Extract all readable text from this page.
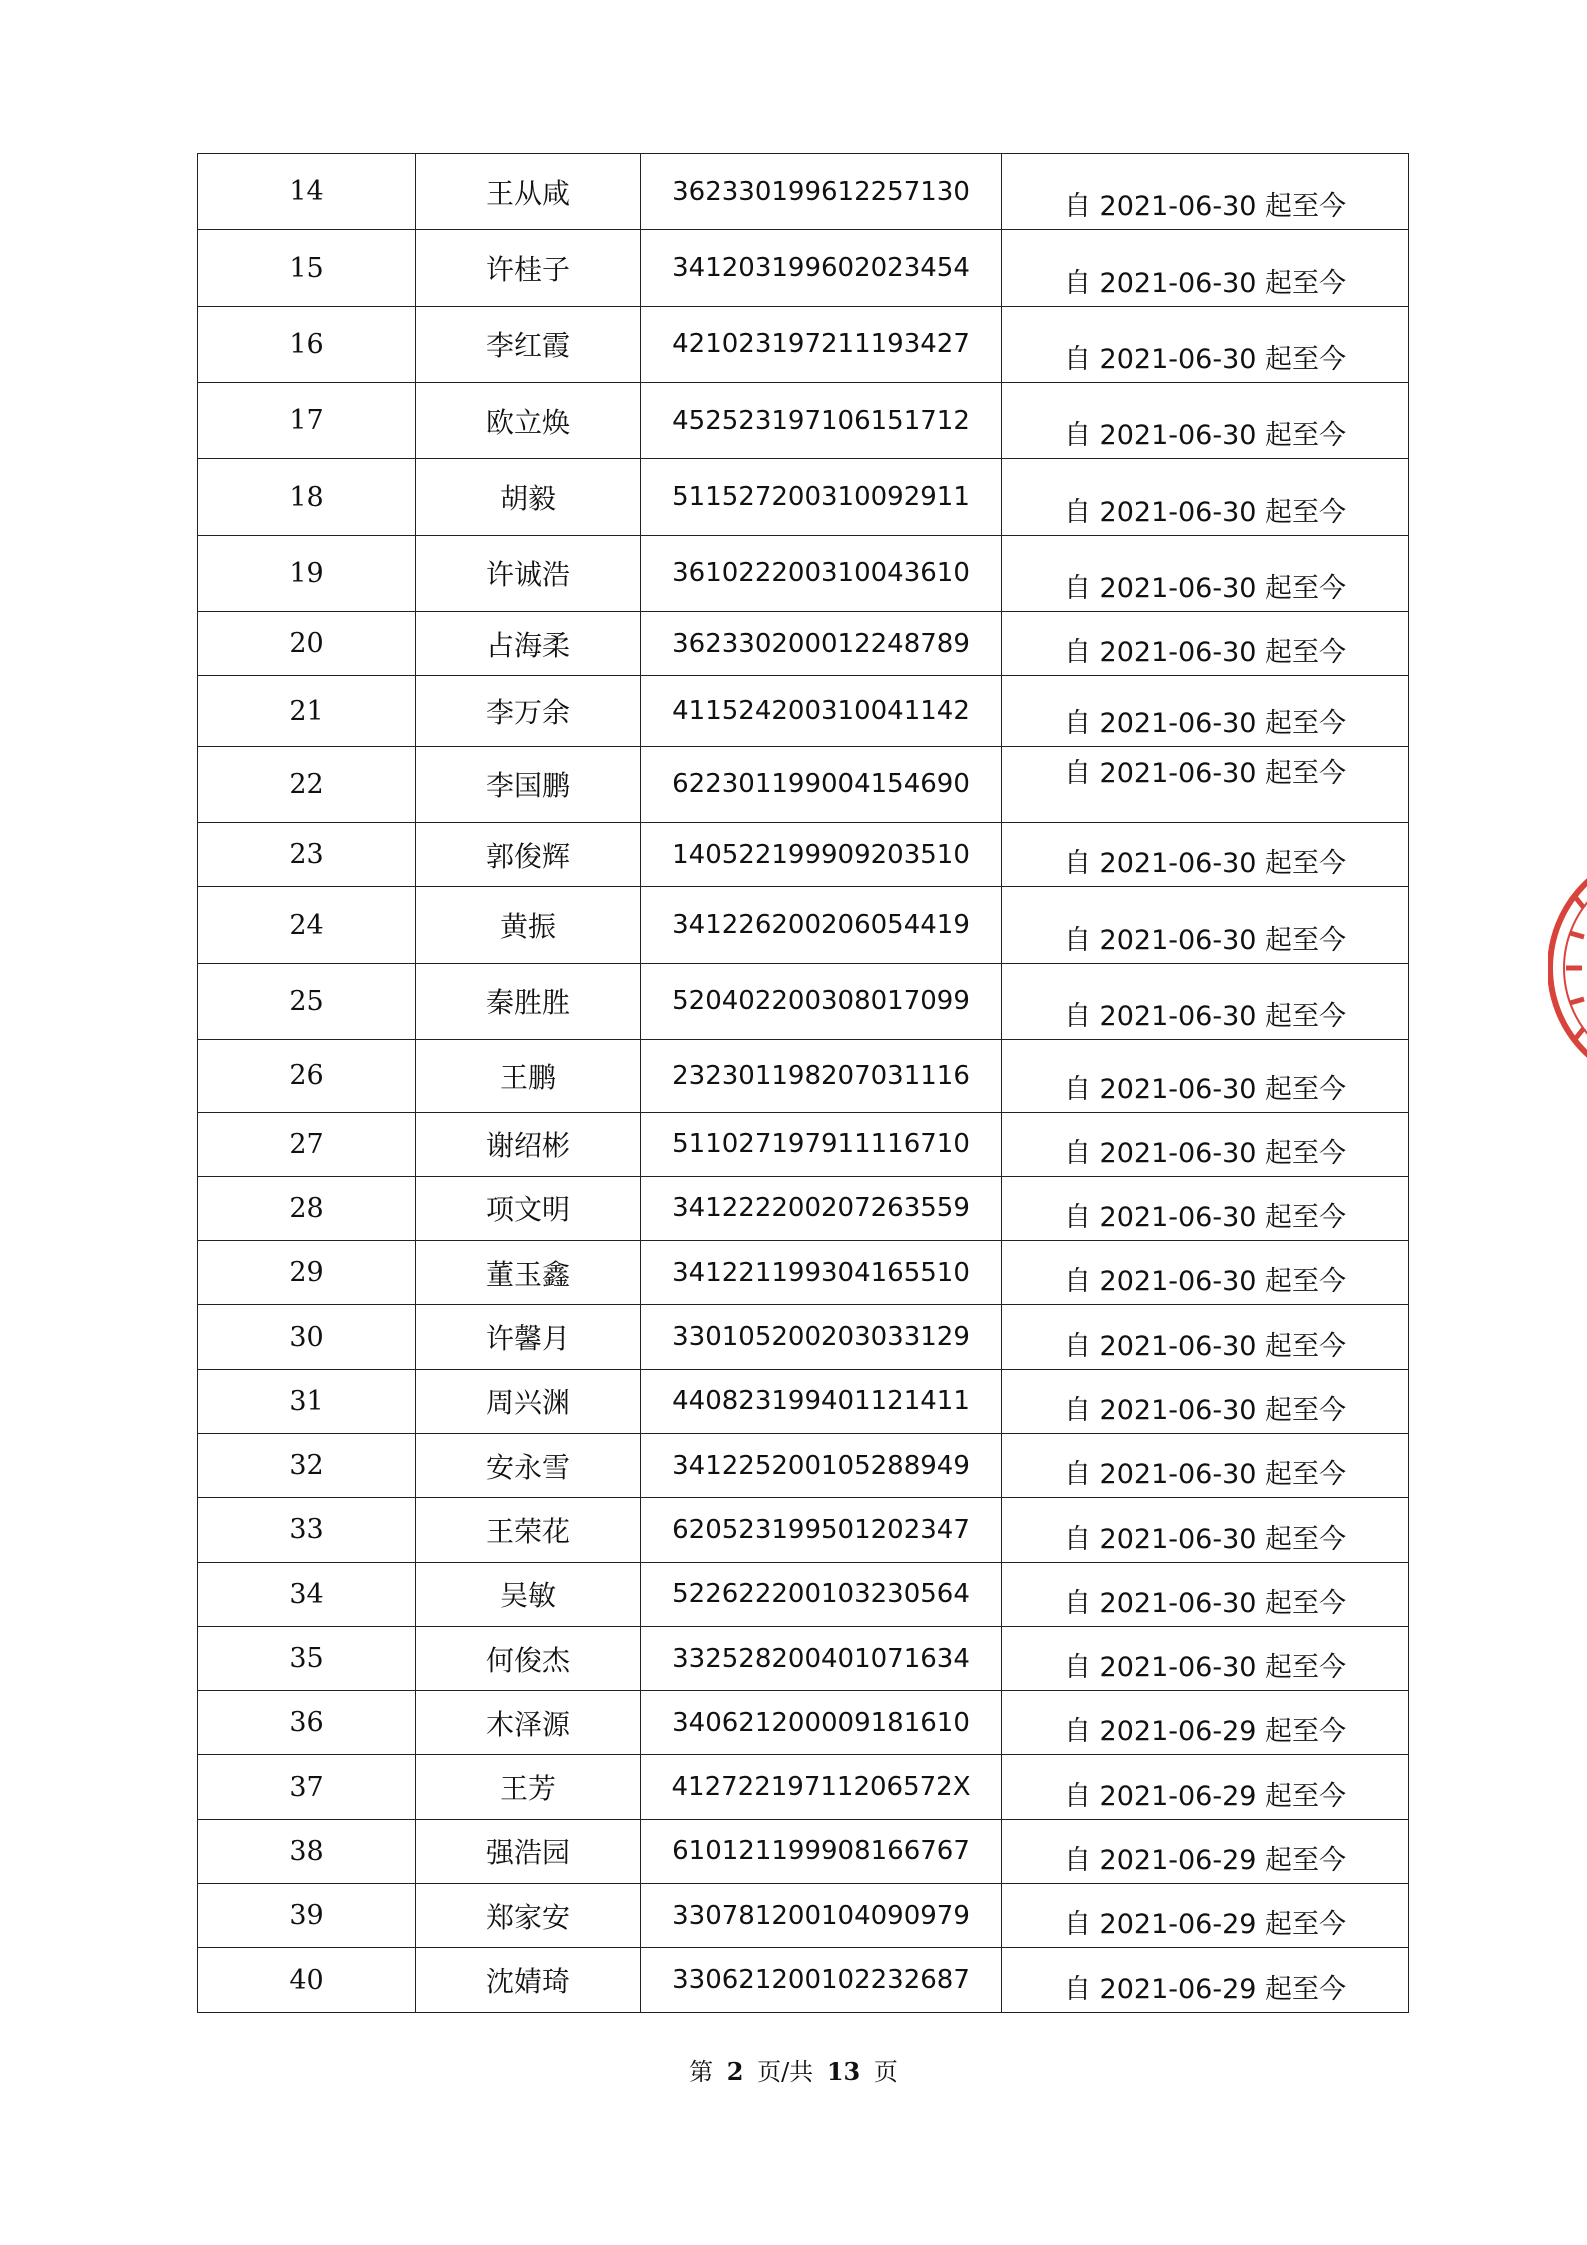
14	王从咸	362330199612257130	自 2021-06-30 起至今
15	许桂子	341203199602023454	自 2021-06-30 起至今
16	李红霞	421023197211193427	自 2021-06-30 起至今
17	欧立焕	452523197106151712	自 2021-06-30 起至今
18	胡毅	511527200310092911	自 2021-06-30 起至今
19	许诚浩	361022200310043610	自 2021-06-30 起至今
20	占海柔	362330200012248789	自 2021-06-30 起至今
21	李万余	411524200310041142	自 2021-06-30 起至今
22	李国鹏	622301199004154690	自 2021-06-30 起至今
23	郭俊辉	140522199909203510	自 2021-06-30 起至今
24	黄振	341226200206054419	自 2021-06-30 起至今
25	秦胜胜	520402200308017099	自 2021-06-30 起至今
26	王鹏	232301198207031116	自 2021-06-30 起至今
27	谢绍彬	511027197911116710	自 2021-06-30 起至今
28	项文明	341222200207263559	自 2021-06-30 起至今
29	董玉鑫	341221199304165510	自 2021-06-30 起至今
30	许馨月	330105200203033129	自 2021-06-30 起至今
31	周兴渊	440823199401121411	自 2021-06-30 起至今
32	安永雪	341225200105288949	自 2021-06-30 起至今
33	王荣花	620523199501202347	自 2021-06-30 起至今
34	吴敏	522622200103230564	自 2021-06-30 起至今
35	何俊杰	332528200401071634	自 2021-06-30 起至今
36	木泽源	340621200009181610	自 2021-06-29 起至今
37	王芳	41272219711206572X	自 2021-06-29 起至今
38	强浩园	610121199908166767	自 2021-06-29 起至今
39	郑家安	330781200104090979	自 2021-06-29 起至今
40	沈婧琦	330621200102232687	自 2021-06-29 起至今
第 2 页/共 13 页
